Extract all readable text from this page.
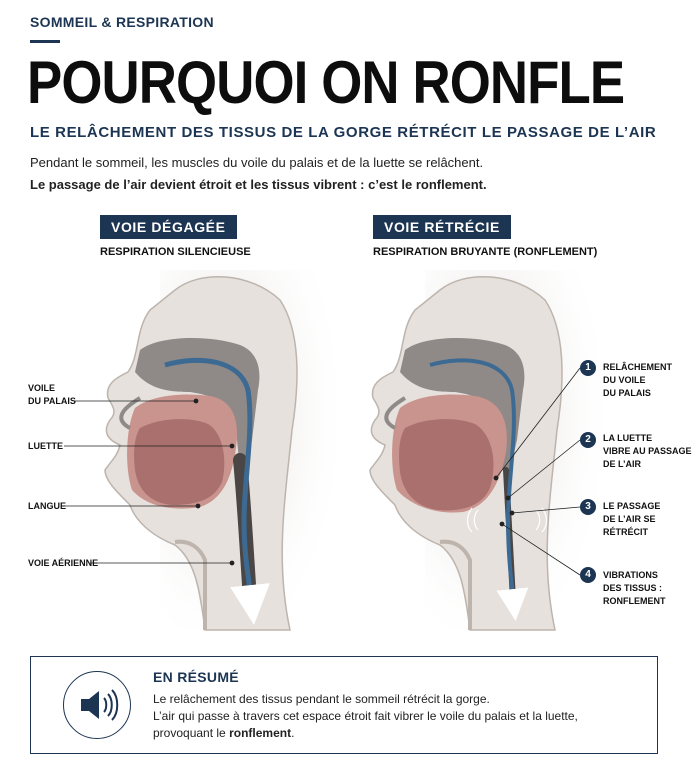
SOMMEIL & RESPIRATION
POURQUOI ON RONFLE
LE RELÂCHEMENT DES TISSUS DE LA GORGE RÉTRÉCIT LE PASSAGE DE L’AIR
Pendant le sommeil, les muscles du voile du palais et de la luette se relâchent.
Le passage de l’air devient étroit et les tissus vibrent : c’est le ronflement.
VOIE DÉGAGÉE
RESPIRATION SILENCIEUSE
VOIE RÉTRÉCIE
RESPIRATION BRUYANTE (RONFLEMENT)
VOILE
DU PALAIS
LUETTE
LANGUE
VOIE AÉRIENNE
1	RELÂCHEMENT
DU VOILE
DU PALAIS
2	LA LUETTE
VIBRE AU PASSAGE
DE L’AIR
3	LE PASSAGE
DE L’AIR SE
RÉTRÉCIT
4	VIBRATIONS
DES TISSUS :
RONFLEMENT
EN RÉSUMÉ
Le relâchement des tissus pendant le sommeil rétrécit la gorge.
L’air qui passe à travers cet espace étroit fait vibrer le voile du palais et la luette,
provoquant le ronflement.
